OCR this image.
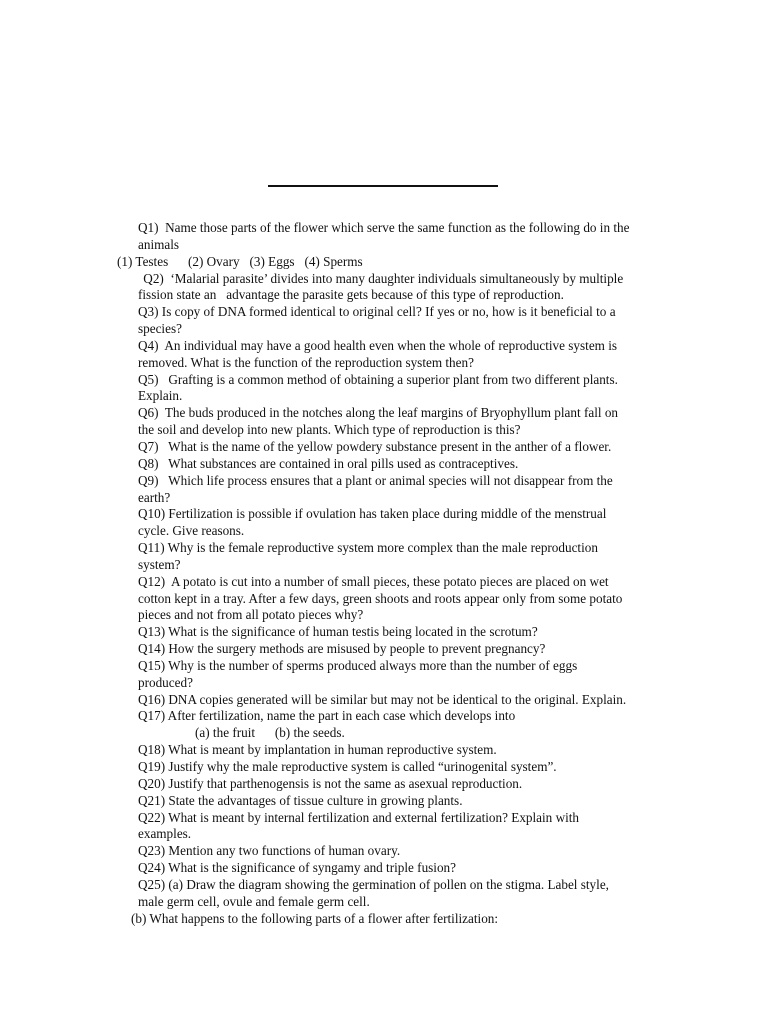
Q1)  Name those parts of the flower which serve the same function as the following do in the
animals
(1) Testes      (2) Ovary   (3) Eggs   (4) Sperms
Q2)  ‘Malarial parasite’ divides into many daughter individuals simultaneously by multiple
fission state an   advantage the parasite gets because of this type of reproduction.
Q3) Is copy of DNA formed identical to original cell? If yes or no, how is it beneficial to a
species?
Q4)  An individual may have a good health even when the whole of reproductive system is
removed. What is the function of the reproduction system then?
Q5)   Grafting is a common method of obtaining a superior plant from two different plants.
Explain.
Q6)  The buds produced in the notches along the leaf margins of Bryophyllum plant fall on
the soil and develop into new plants. Which type of reproduction is this?
Q7)   What is the name of the yellow powdery substance present in the anther of a flower.
Q8)   What substances are contained in oral pills used as contraceptives.
Q9)   Which life process ensures that a plant or animal species will not disappear from the
earth?
Q10) Fertilization is possible if ovulation has taken place during middle of the menstrual
cycle. Give reasons.
Q11) Why is the female reproductive system more complex than the male reproduction
system?
Q12)  A potato is cut into a number of small pieces, these potato pieces are placed on wet
cotton kept in a tray. After a few days, green shoots and roots appear only from some potato
pieces and not from all potato pieces why?
Q13) What is the significance of human testis being located in the scrotum?
Q14) How the surgery methods are misused by people to prevent pregnancy?
Q15) Why is the number of sperms produced always more than the number of eggs
produced?
Q16) DNA copies generated will be similar but may not be identical to the original. Explain.
Q17) After fertilization, name the part in each case which develops into
(a) the fruit      (b) the seeds.
Q18) What is meant by implantation in human reproductive system.
Q19) Justify why the male reproductive system is called “urinogenital system”.
Q20) Justify that parthenogensis is not the same as asexual reproduction.
Q21) State the advantages of tissue culture in growing plants.
Q22) What is meant by internal fertilization and external fertilization? Explain with
examples.
Q23) Mention any two functions of human ovary.
Q24) What is the significance of syngamy and triple fusion?
Q25) (a) Draw the diagram showing the germination of pollen on the stigma. Label style,
male germ cell, ovule and female germ cell.
(b) What happens to the following parts of a flower after fertilization:
